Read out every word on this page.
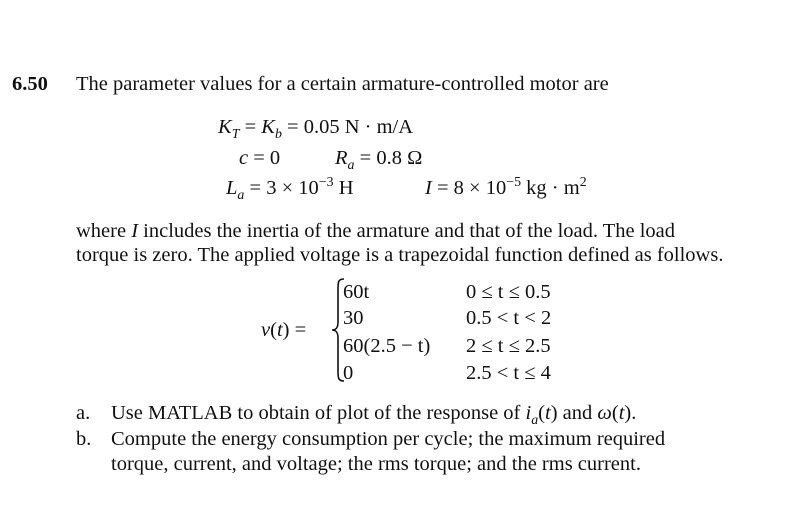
6.50 The parameter values for a certain armature-controlled motor are
$K_T = K_b = 0.05$ N · m/A
c = 0	$R_a = 0.8$ Ω
$L_a = 3 \times 10^{-3}$ H	$I = 8 \times 10^{-5}$ kg · $m^2$
where I includes the inertia of the armature and that of the load. The load
torque is zero. The applied voltage is a trapezoidal function defined as follows.
v(t) =
60t
30
60(2.5 − t)
0
0 ≤ t ≤ 0.5
0.5 < t < 2
2 ≤ t ≤ 2.5
2.5 < t ≤ 4
a. Use MATLAB to obtain of plot of the response of $i_a(t)$ and ω(t).
b. Compute the energy consumption per cycle; the maximum required
torque, current, and voltage; the rms torque; and the rms current.
